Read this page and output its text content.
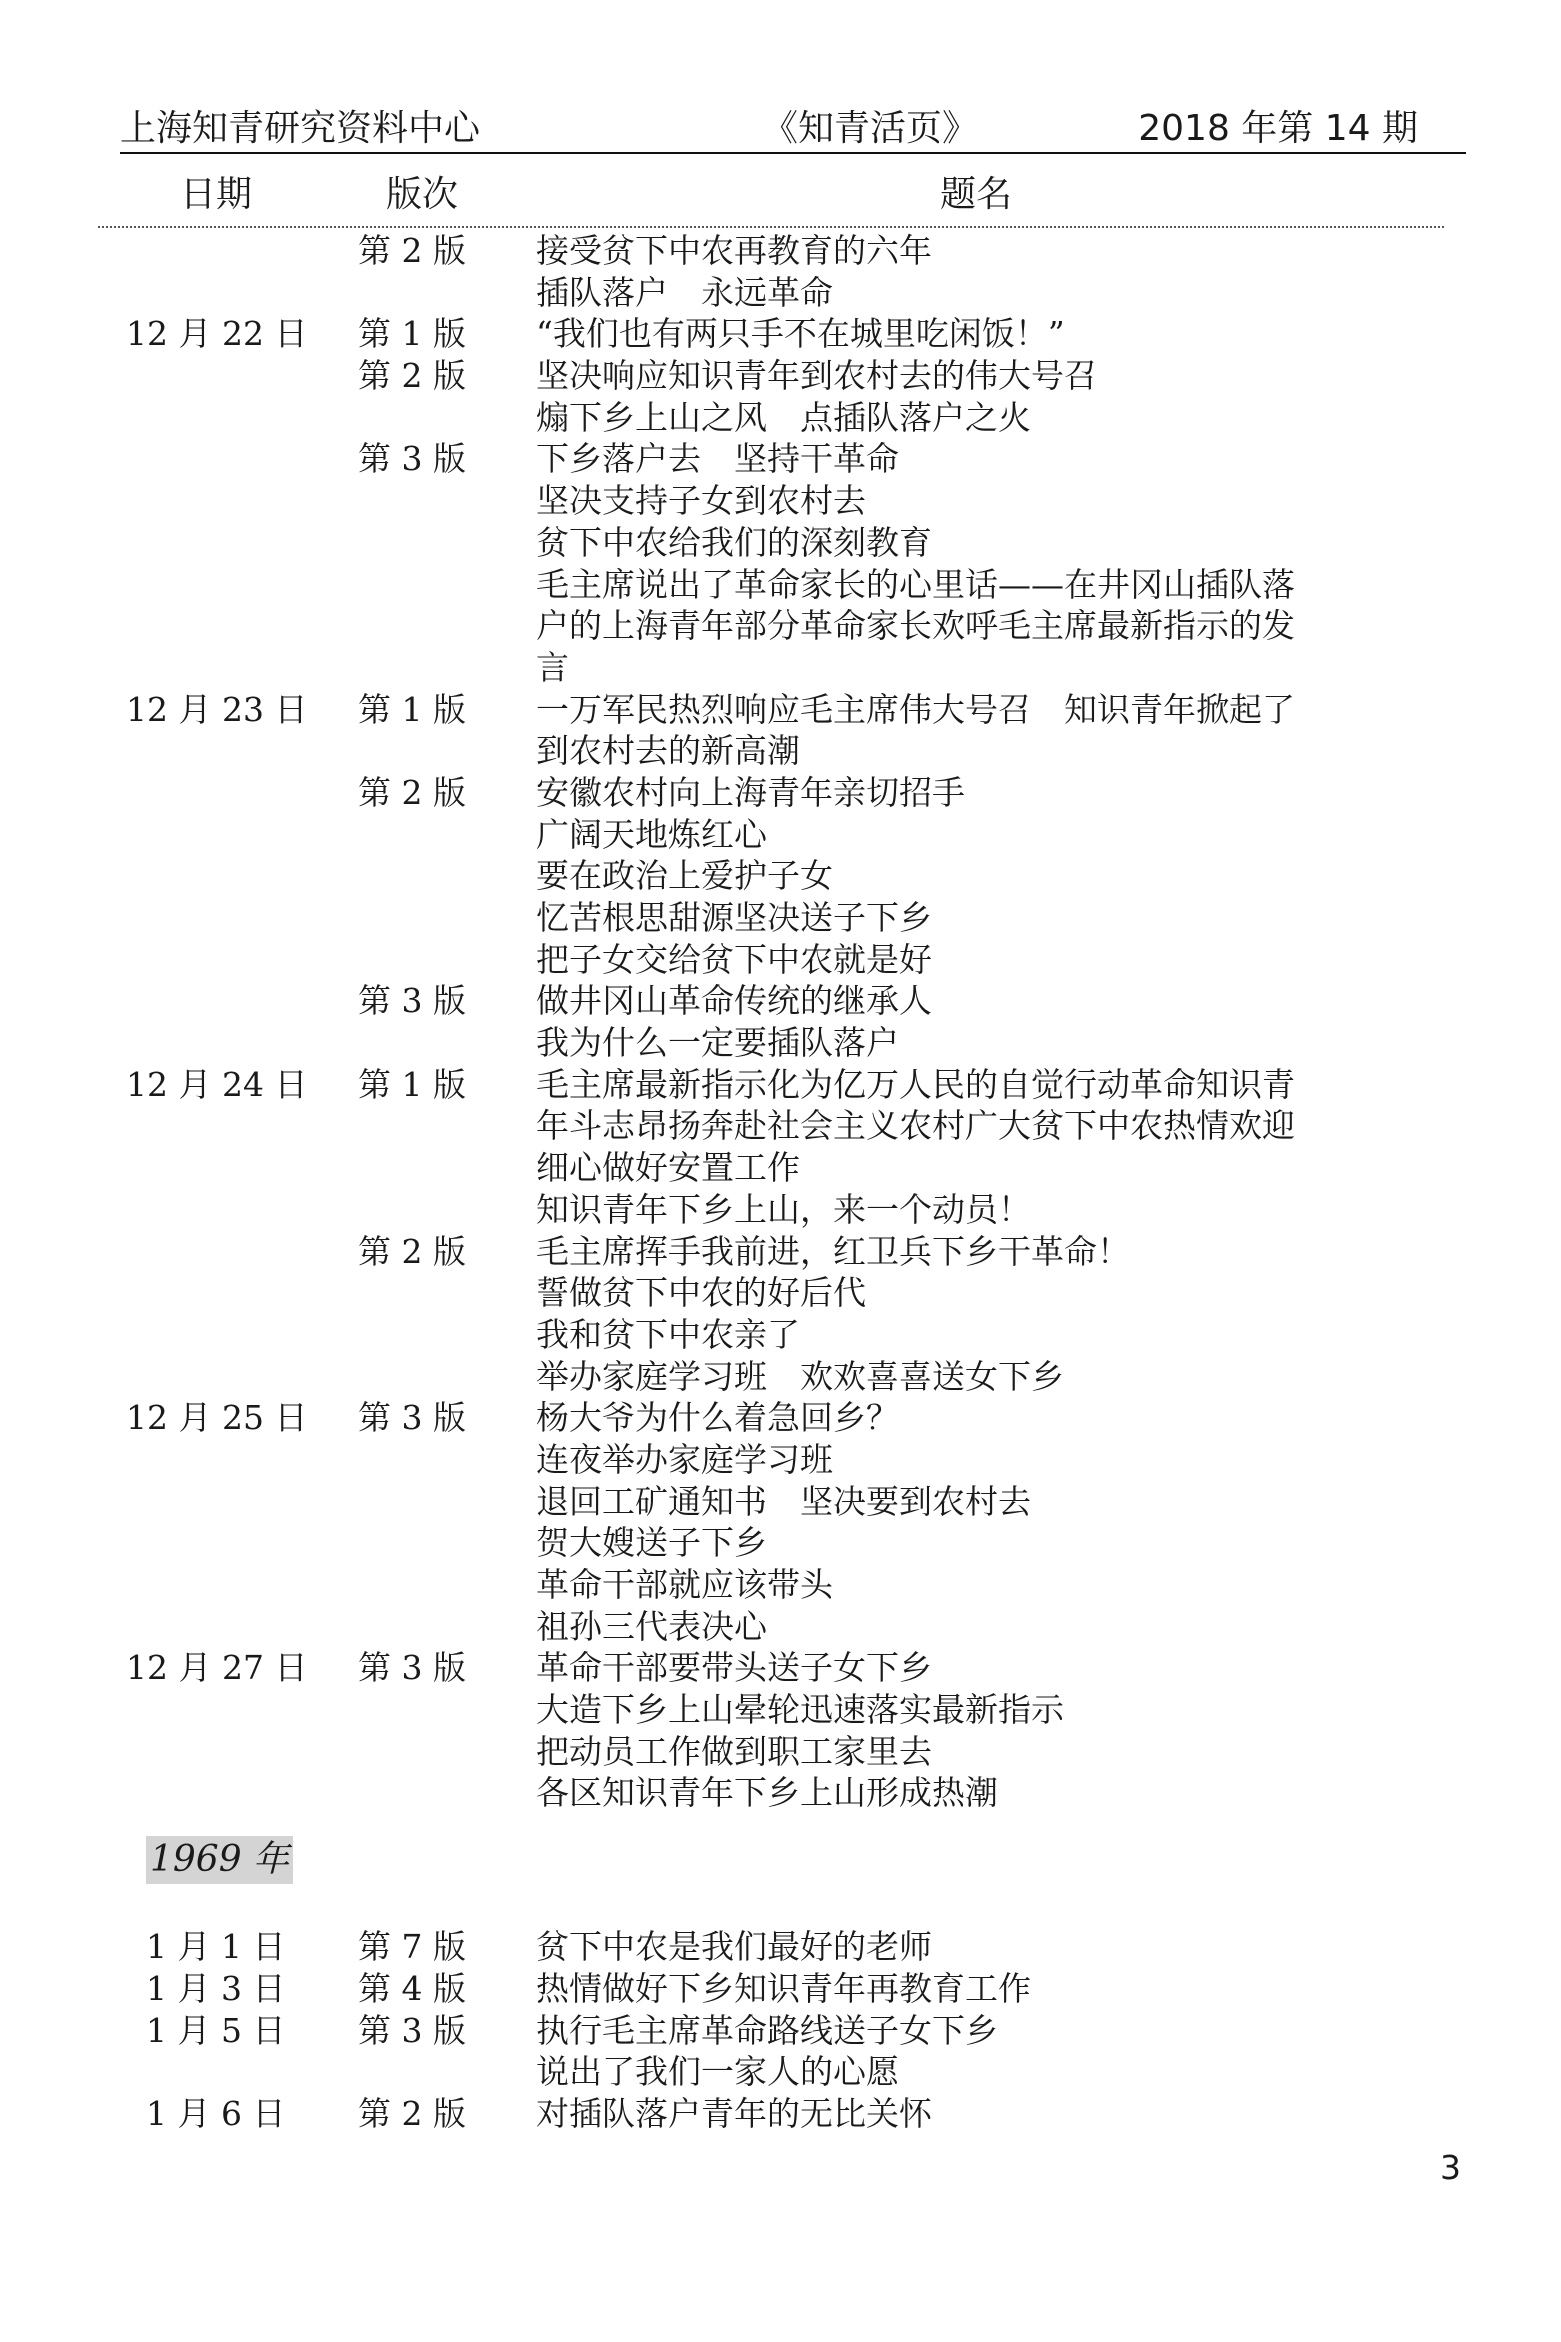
上海知青研究资料中心	《知青活页》	2018 年第 14 期
日期	版次	题名
第 2 版 接受贫下中农再教育的六年
插队落户　永远革命
12 月 22 日 第 1 版 “我们也有两只手不在城里吃闲饭！”
第 2 版 坚决响应知识青年到农村去的伟大号召
煽下乡上山之风　点插队落户之火
第 3 版 下乡落户去　坚持干革命
坚决支持子女到农村去
贫下中农给我们的深刻教育
毛主席说出了革命家长的心里话——在井冈山插队落
户的上海青年部分革命家长欢呼毛主席最新指示的发
言
12 月 23 日 第 1 版 一万军民热烈响应毛主席伟大号召　知识青年掀起了
到农村去的新高潮
第 2 版 安徽农村向上海青年亲切招手
广阔天地炼红心
要在政治上爱护子女
忆苦根思甜源坚决送子下乡
把子女交给贫下中农就是好
第 3 版 做井冈山革命传统的继承人
我为什么一定要插队落户
12 月 24 日 第 1 版 毛主席最新指示化为亿万人民的自觉行动革命知识青
年斗志昂扬奔赴社会主义农村广大贫下中农热情欢迎
细心做好安置工作
知识青年下乡上山，来一个动员！
第 2 版 毛主席挥手我前进，红卫兵下乡干革命！
誓做贫下中农的好后代
我和贫下中农亲了
举办家庭学习班　欢欢喜喜送女下乡
12 月 25 日 第 3 版 杨大爷为什么着急回乡？
连夜举办家庭学习班
退回工矿通知书　坚决要到农村去
贺大嫂送子下乡
革命干部就应该带头
祖孙三代表决心
12 月 27 日 第 3 版 革命干部要带头送子女下乡
大造下乡上山晕轮迅速落实最新指示
把动员工作做到职工家里去
各区知识青年下乡上山形成热潮
1969 年
1 月 1 日 第 7 版 贫下中农是我们最好的老师
1 月 3 日 第 4 版 热情做好下乡知识青年再教育工作
1 月 5 日 第 3 版 执行毛主席革命路线送子女下乡
说出了我们一家人的心愿
1 月 6 日 第 2 版 对插队落户青年的无比关怀
3
